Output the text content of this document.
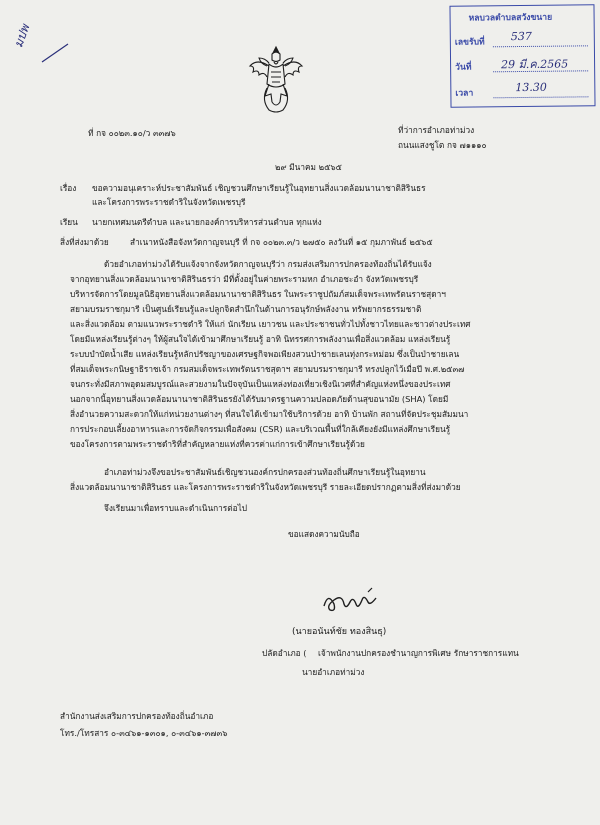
มปพ
หลบวลตำบลสวังขนาย
เลขรับที่ 537
วันที่	29 มี.ค.2565
เวลา	13.30
ที่ กจ ๐๐๒๓.๑๐/ว ๓๓๗๖	ที่ว่าการอำเภอท่าม่วง
ถนนแสงชูโต กจ ๗๑๑๑๐
๒๙ มีนาคม ๒๕๖๕
เรื่อง ขอความอนุเคราะห์ประชาสัมพันธ์ เชิญชวนศึกษาเรียนรู้ในอุทยานสิ่งแวดล้อมนานาชาติสิรินธร
และโครงการพระราชดำริในจังหวัดเพชรบุรี
เรียน นายกเทศมนตรีตำบล และนายกองค์การบริหารส่วนตำบล ทุกแห่ง
สิ่งที่ส่งมาด้วย	สำเนาหนังสือจังหวัดกาญจนบุรี ที่ กจ ๐๐๒๓.๓/ว ๒๗๕๐ ลงวันที่ ๑๕ กุมภาพันธ์ ๒๕๖๕
ด้วยอำเภอท่าม่วงได้รับแจ้งจากจังหวัดกาญจนบุรีว่า กรมส่งเสริมการปกครองท้องถิ่นได้รับแจ้ง
จากอุทยานสิ่งแวดล้อมนานาชาติสิรินธรว่า มีที่ตั้งอยู่ในค่ายพระรามหก อำเภอชะอำ จังหวัดเพชรบุรี
บริหารจัดการโดยมูลนิธิอุทยานสิ่งแวดล้อมนานาชาติสิรินธร ในพระราชูปถัมภ์สมเด็จพระเทพรัตนราชสุดาฯ
สยามบรมราชกุมารี เป็นศูนย์เรียนรู้และปลูกจิตสำนึกในด้านการอนุรักษ์พลังงาน ทรัพยากรธรรมชาติ
และสิ่งแวดล้อม ตามแนวพระราชดำริ ให้แก่ นักเรียน เยาวชน และประชาชนทั่วไปทั้งชาวไทยและชาวต่างประเทศ
โดยมีแหล่งเรียนรู้ต่างๆ ให้ผู้สนใจได้เข้ามาศึกษาเรียนรู้ อาทิ นิทรรศการพลังงานเพื่อสิ่งแวดล้อม แหล่งเรียนรู้
ระบบบำบัดน้ำเสีย แหล่งเรียนรู้หลักปรัชญาของเศรษฐกิจพอเพียงสวนป่าชายเลนทุ่งกระหม่อม ซึ่งเป็นป่าชายเลน
ที่สมเด็จพระกนิษฐาธิราชเจ้า กรมสมเด็จพระเทพรัตนราชสุดาฯ สยามบรมราชกุมารี ทรงปลูกไว้เมื่อปี พ.ศ.๒๕๓๗
จนกระทั่งมีสภาพอุดมสมบูรณ์และสวยงามในปัจจุบันเป็นแหล่งท่องเที่ยวเชิงนิเวศที่สำคัญแห่งหนึ่งของประเทศ
นอกจากนี้อุทยานสิ่งแวดล้อมนานาชาติสิรินธรยังได้รับมาตรฐานความปลอดภัยด้านสุขอนามัย (SHA) โดยมี
สิ่งอำนวยความสะดวกให้แก่หน่วยงานต่างๆ ที่สนใจได้เข้ามาใช้บริการด้วย อาทิ บ้านพัก สถานที่จัดประชุมสัมมนา
การประกอบเลี้ยงอาหารและการจัดกิจกรรมเพื่อสังคม (CSR) และบริเวณพื้นที่ใกล้เคียงยังมีแหล่งศึกษาเรียนรู้
ของโครงการตามพระราชดำริที่สำคัญหลายแห่งที่ควรค่าแก่การเข้าศึกษาเรียนรู้ด้วย
อำเภอท่าม่วงจึงขอประชาสัมพันธ์เชิญชวนองค์กรปกครองส่วนท้องถิ่นศึกษาเรียนรู้ในอุทยาน
สิ่งแวดล้อมนานาชาติสิรินธร และโครงการพระราชดำริในจังหวัดเพชรบุรี รายละเอียดปรากฏตามสิ่งที่ส่งมาด้วย
จึงเรียนมาเพื่อทราบและดำเนินการต่อไป
ขอแสดงความนับถือ
(นายอนันท์ชัย ทองสินธุ)
ปลัดอำเภอ ( เจ้าพนักงานปกครองชำนาญการพิเศษ รักษาราชการแทน
นายอำเภอท่าม่วง
สำนักงานส่งเสริมการปกครองท้องถิ่นอำเภอ
โทร./โทรสาร ๐-๓๔๖๑-๑๓๐๑, ๐-๓๔๖๑-๓๗๓๖
